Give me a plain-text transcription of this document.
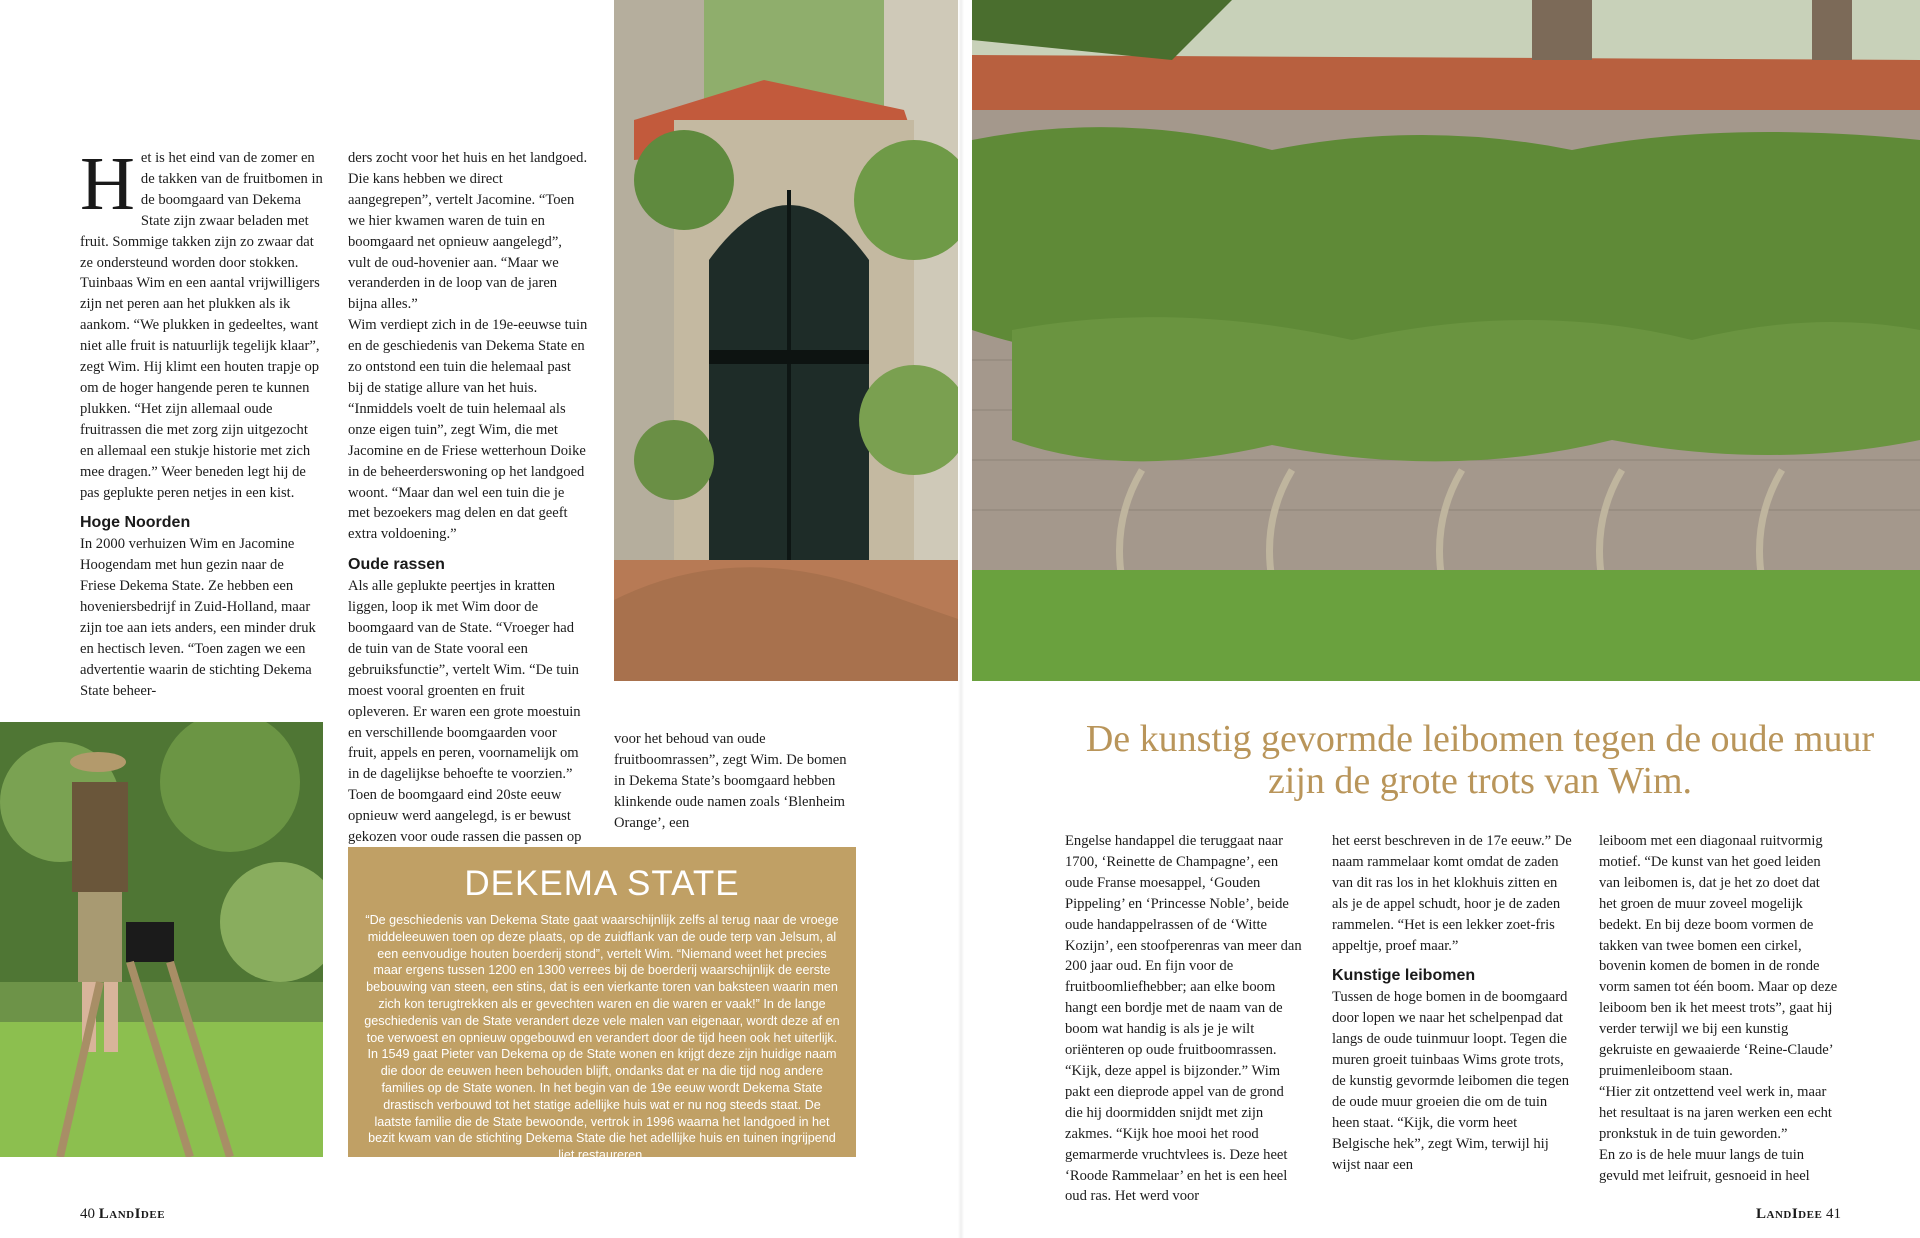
Het is het eind van de zomer en de takken van de fruitbomen in de boomgaard van Dekema State zijn zwaar beladen met fruit. Sommige takken zijn zo zwaar dat ze ondersteund worden door stokken. Tuinbaas Wim en een aantal vrijwilligers zijn net peren aan het plukken als ik aankom. “We plukken in gedeeltes, want niet alle fruit is natuurlijk tegelijk klaar”, zegt Wim. Hij klimt een houten trapje op om de hoger hangende peren te kunnen plukken. “Het zijn allemaal oude fruitrassen die met zorg zijn uitgezocht en allemaal een stukje historie met zich mee dragen.” Weer beneden legt hij de pas geplukte peren netjes in een kist.

Hoge Noorden

In 2000 verhuizen Wim en Jacomine Hoogendam met hun gezin naar de Friese Dekema State. Ze hebben een hoveniersbedrijf in Zuid-Holland, maar zijn toe aan iets anders, een minder druk en hectisch leven. “Toen zagen we een advertentie waarin de stichting Dekema State beheer-

ders zocht voor het huis en het landgoed. Die kans hebben we direct aangegrepen”, vertelt Jacomine. “Toen we hier kwamen waren de tuin en boomgaard net opnieuw aangelegd”, vult de oud-hovenier aan. “Maar we veranderden in de loop van de jaren bijna alles.”

Wim verdiept zich in de 19e-eeuwse tuin en de geschiedenis van Dekema State en zo ontstond een tuin die helemaal past bij de statige allure van het huis. “Inmiddels voelt de tuin helemaal als onze eigen tuin”, zegt Wim, die met Jacomine en de Friese wetterhoun Doike in de beheerderswoning op het landgoed woont. “Maar dan wel een tuin die je met bezoekers mag delen en dat geeft extra voldoening.”

Oude rassen

Als alle geplukte peertjes in kratten liggen, loop ik met Wim door de boomgaard van de State. “Vroeger had de tuin van de State vooral een gebruiksfunctie”, vertelt Wim. “De tuin moest vooral groenten en fruit opleveren. Er waren een grote moestuin en verschillende boomgaarden voor fruit, appels en peren, voornamelijk om in de dagelijkse behoefte te voorzien.”

Toen de boomgaard eind 20ste eeuw opnieuw werd aangelegd, is er bewust gekozen voor oude rassen die passen op

voor het behoud van oude fruitboomrassen”, zegt Wim. De bomen in Dekema State’s boomgaard hebben klinkende oude namen zoals ‘Blenheim Orange’, een

DEKEMA STATE

“De geschiedenis van Dekema State gaat waarschijnlijk zelfs al terug naar de vroege middeleeuwen toen op deze plaats, op de zuidflank van de oude terp van Jelsum, al een eenvoudige houten boerderij stond”, vertelt Wim. “Niemand weet het precies maar ergens tussen 1200 en 1300 verrees bij de boerderij waarschijnlijk de eerste bebouwing van steen, een stins, dat is een vierkante toren van baksteen waarin men zich kon terugtrekken als er gevechten waren en die waren er vaak!” In de lange geschiedenis van de State verandert deze vele malen van eigenaar, wordt deze af en toe verwoest en opnieuw opgebouwd en verandert door de tijd heen ook het uiterlijk. In 1549 gaat Pieter van Dekema op de State wonen en krijgt deze zijn huidige naam die door de eeuwen heen behouden blijft, ondanks dat er na die tijd nog andere families op de State wonen. In het begin van de 19e eeuw wordt Dekema State drastisch verbouwd tot het statige adellijke huis wat er nu nog steeds staat. De laatste familie die de State bewoonde, vertrok in 1996 waarna het landgoed in het bezit kwam van de stichting Dekema State die het adellijke huis en tuinen ingrijpend liet restaureren.

40 LandIdee
De kunstig gevormde leibomen tegen de oude muur zijn de grote trots van Wim.

Engelse handappel die teruggaat naar 1700, ‘Reinette de Champagne’, een oude Franse moesappel, ‘Gouden Pippeling’ en ‘Princesse Noble’, beide oude handappelrassen of de ‘Witte Kozijn’, een stoofperenras van meer dan 200 jaar oud. En fijn voor de fruitboomliefhebber; aan elke boom hangt een bordje met de naam van de boom wat handig is als je je wilt oriënteren op oude fruitboomrassen. “Kijk, deze appel is bijzonder.” Wim pakt een dieprode appel van de grond die hij doormidden snijdt met zijn zakmes. “Kijk hoe mooi het rood gemarmerde vruchtvlees is. Deze heet ‘Roode Rammelaar’ en het is een heel oud ras. Het werd voor

het eerst beschreven in de 17e eeuw.” De naam rammelaar komt omdat de zaden van dit ras los in het klokhuis zitten en als je de appel schudt, hoor je de zaden rammelen. “Het is een lekker zoet-fris appeltje, proef maar.”

Kunstige leibomen

Tussen de hoge bomen in de boomgaard door lopen we naar het schelpenpad dat langs de oude tuinmuur loopt. Tegen die muren groeit tuinbaas Wims grote trots, de kunstig gevormde leibomen die tegen de oude muur groeien die om de tuin heen staat. “Kijk, die vorm heet Belgische hek”, zegt Wim, terwijl hij wijst naar een

leiboom met een diagonaal ruitvormig motief. “De kunst van het goed leiden van leibomen is, dat je het zo doet dat het groen de muur zoveel mogelijk bedekt. En bij deze boom vormen de takken van twee bomen een cirkel, bovenin komen de bomen in de ronde vorm samen tot één boom. Maar op deze leiboom ben ik het meest trots”, gaat hij verder terwijl we bij een kunstig gekruiste en gewaaierde ‘Reine-Claude’ pruimenleiboom staan.

“Hier zit ontzettend veel werk in, maar het resultaat is na jaren werken een echt pronkstuk in de tuin geworden.”

En zo is de hele muur langs de tuin gevuld met leifruit, gesnoeid in heel

LandIdee 41
